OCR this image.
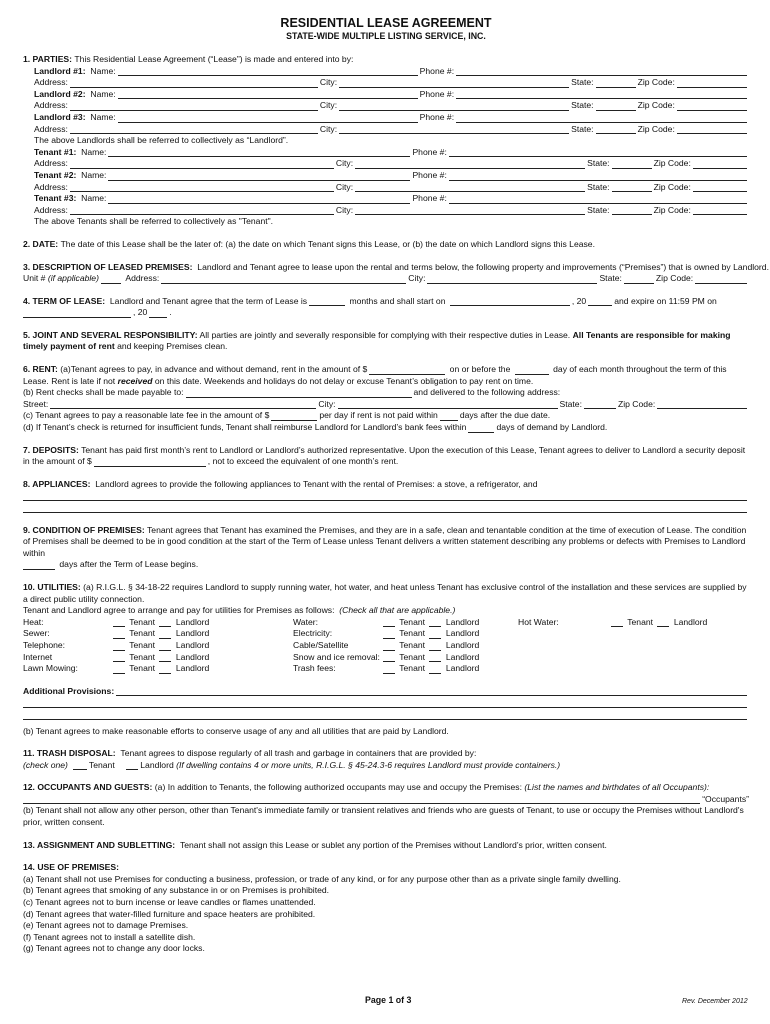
RESIDENTIAL LEASE AGREEMENT
STATE-WIDE MULTIPLE LISTING SERVICE, INC.
1. PARTIES:
This Residential Lease Agreement (“Lease”) is made and entered into by:
Landlord #1:
Name:	Phone #:
Address:	City:	State:	Zip Code:
Landlord #2:
Name:	Phone #:
Address:	City:	State:	Zip Code:
Landlord #3:
Name:	Phone #:
Address:	City:	State:	Zip Code:
The above Landlords shall be referred to collectively as “Landlord”.
Tenant #1:
Name:	Phone #:
Address:	City:	State:	Zip Code:
Tenant #2:
Name:	Phone #:
Address:	City:	State:	Zip Code:
Tenant #3:
Name:	Phone #:
Address:	City:	State:	Zip Code:
The above Tenants shall be referred to collectively as "Tenant".
2. DATE:
The date of this Lease shall be the later of: (a) the date on which Tenant signs this Lease, or (b) the date on which Landlord signs this Lease.
3. DESCRIPTION OF LEASED PREMISES:
Landlord and Tenant agree to lease upon the rental and terms below, the following property and improvements (“Premises”) that is owned by Landlord.
Unit #
(if applicable)
	Address:	City:	State:	Zip Code:
4. TERM OF LEASE:
Landlord and Tenant agree that the term of Lease is
	months and shall start on
	, 20	and expire on 11:59 PM on
, 20	.
5. JOINT AND SEVERAL RESPONSIBILITY: All parties are jointly and severally responsible for complying with their respective duties in Lease. All Tenants are responsible for making timely payment of rent and keeping Premises clean.
6. RENT: (a)Tenant agrees to pay, in advance and without demand, rent in the amount of $	on or before the	day of each month throughout the term of this Lease. Rent is late if not received on this date. Weekends and holidays do not delay or excuse Tenant’s obligation to pay rent on time.
(b) Rent checks shall be made payable to:	and delivered to the following address:
Street:	City:	State:	Zip Code:
(c) Tenant agrees to pay a reasonable late fee in the amount of $	per day if rent is not paid within	days after the due date.
(d) If Tenant’s check is returned for insufficient funds, Tenant shall reimburse Landlord for Landlord’s bank fees within	days of demand by Landlord.
7. DEPOSITS: Tenant has paid first month’s rent to Landlord or Landlord’s authorized representative. Upon the execution of this Lease, Tenant agrees to deliver to Landlord a security deposit in the amount of $	, not to exceed the equivalent of one month’s rent.
8. APPLIANCES:
Landlord agrees to provide the following appliances to Tenant with the rental of Premises: a stove, a refrigerator, and
9. CONDITION OF PREMISES: Tenant agrees that Tenant has examined the Premises, and they are in a safe, clean and tenantable condition at the time of execution of Lease. The condition of Premises shall be deemed to be in good condition at the start of the Term of Lease unless Tenant delivers a written statement describing any problems or defects with Premises to Landlord within
days after the Term of Lease begins.
10. UTILITIES: (a) R.I.G.L. § 34-18-22 requires Landlord to supply running water, hot water, and heat unless Tenant has exclusive control of the installation and these services are supplied by a direct public utility connection.
Tenant and Landlord agree to arrange and pay for utilities for Premises as follows:
(Check all that are applicable.)
Heat:	Tenant Landlord	Water:	Tenant Landlord	Hot Water:	Tenant Landlord
Sewer:	Tenant Landlord	Electricity:	Tenant Landlord
Telephone:	Tenant Landlord	Cable/Satellite	Tenant Landlord
Internet	Tenant Landlord	Snow and ice removal:	Tenant Landlord
Lawn Mowing:	Tenant Landlord	Trash fees:	Tenant Landlord
Additional Provisions:
(b) Tenant agrees to make reasonable efforts to conserve usage of any and all utilities that are paid by Landlord.
11. TRASH DISPOSAL:
Tenant agrees to dispose regularly of all trash and garbage in containers that are provided by:
(check one) Tenant
	Landlord
(If dwelling contains 4 or more units, R.I.G.L. § 45-24.3-6 requires Landlord must provide containers.)
12. OCCUPANTS AND GUESTS:
(a) In addition to Tenants, the following authorized occupants may use and occupy the Premises:
(List the names and birthdates of all Occupants):
“Occupants”
(b) Tenant shall not allow any other person, other than Tenant's immediate family or transient relatives and friends who are guests of Tenant, to use or occupy the Premises without Landlord's prior, written consent.
13. ASSIGNMENT AND SUBLETTING:
Tenant shall not assign this Lease or sublet any portion of the Premises without Landlord’s prior, written consent.
14. USE OF PREMISES:
(a) Tenant shall not use Premises for conducting a business, profession, or trade of any kind, or for any purpose other than as a private single family dwelling.
(b) Tenant agrees that smoking of any substance in or on Premises is prohibited.
(c) Tenant agrees not to burn incense or leave candles or flames unattended.
(d) Tenant agrees that water-filled furniture and space heaters are prohibited.
(e) Tenant agrees not to damage Premises.
(f) Tenant agrees not to install a satellite dish.
(g) Tenant agrees not to change any door locks.
Page 1 of 3	Rev. December 2012
